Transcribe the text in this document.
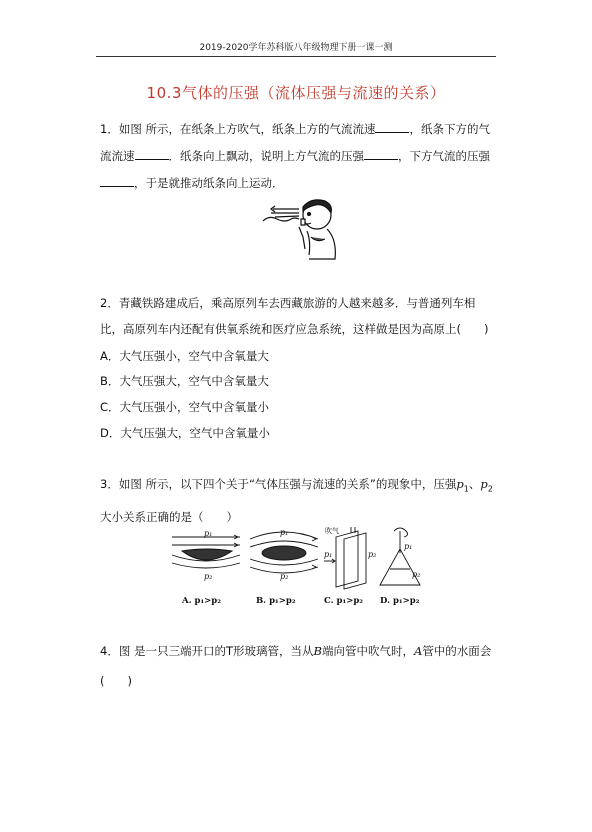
2019-2020学年苏科版八年级物理下册一课一测
10.3气体的压强（流体压强与流速的关系）
1．如图 所示，在纸条上方吹气，纸条上方的气流流速	，纸条下方的气流流速	．纸条向上飘动，说明上方气流的压强	，下方气流的压强，于是就推动纸条向上运动．
2．青藏铁路建成后，乘高原列车去西藏旅游的人越来越多．与普通列车相比，高原列车内还配有供氧系统和医疗应急系统，这样做是因为高原上(　　)
A．大气压强小，空气中含氧量大
B．大气压强大，空气中含氧量大
C．大气压强小，空气中含氧量小
D．大气压强大，空气中含氧量小
3．如图 所示，以下四个关于“气体压强与流速的关系”的现象中，压强$p_1$、$p_2$大小关系正确的是（　　）
p₁
p₂
p₁
p₂
p₁	p₂
p₁
p₂
吹气
A. p₁>p₂	B. p₁>p₂	C. p₁>p₂ D. p₁>p₂
4．图 是一只三端开口的T形玻璃管，当从B端向管中吹气时，A管中的水面会(　　)
